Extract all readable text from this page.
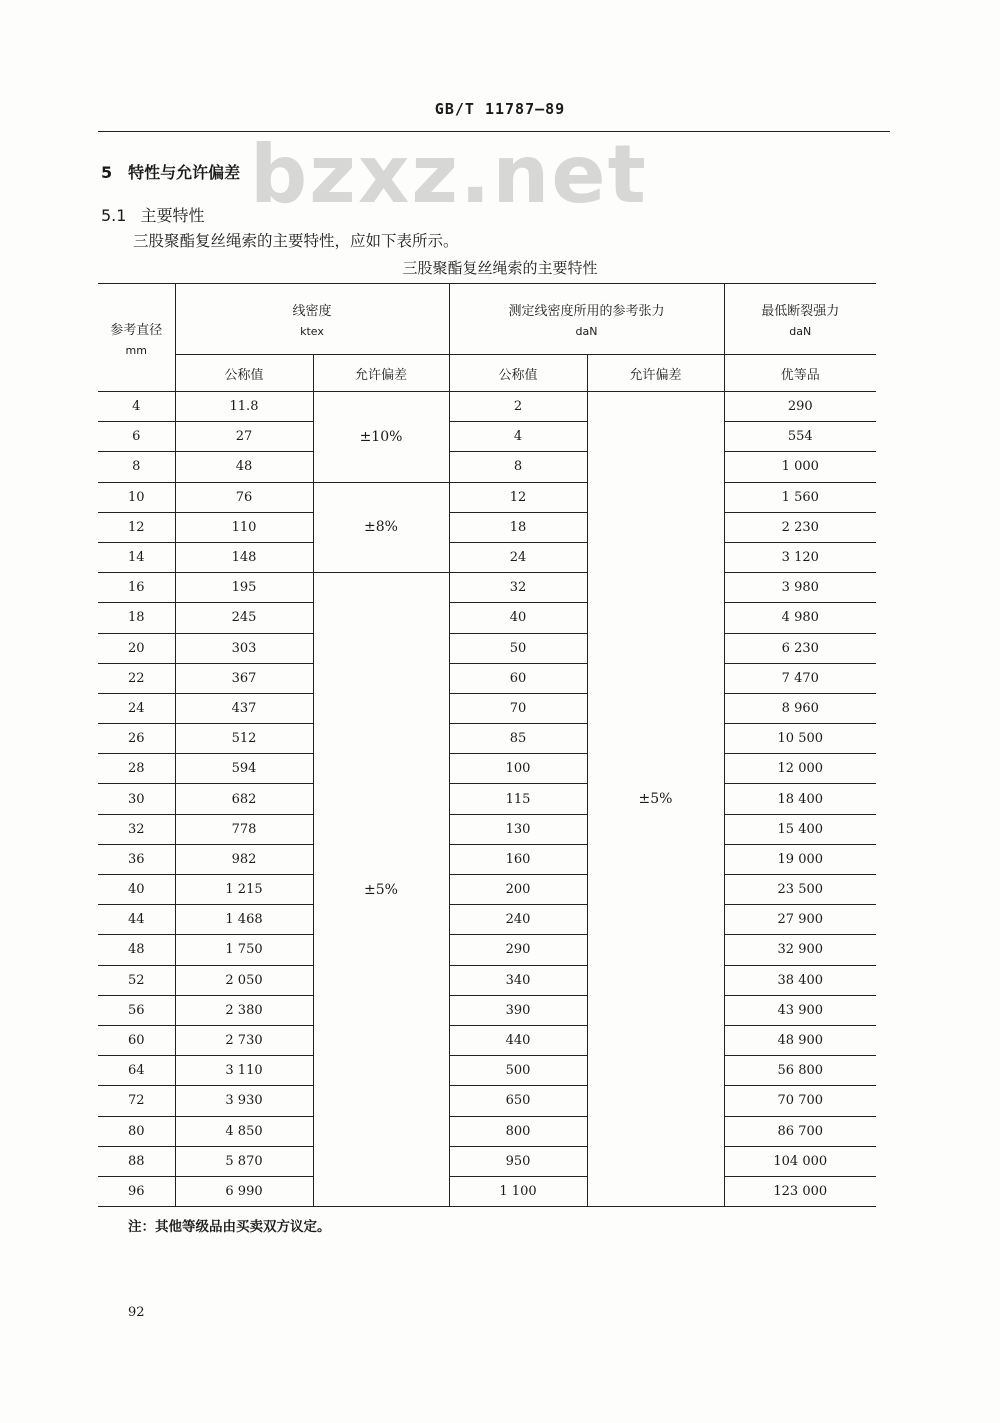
GB/T 11787—89
bzxz.net
5 特性与允许偏差
5.1 主要特性
三股聚酯复丝绳索的主要特性，应如下表所示。
三股聚酯复丝绳索的主要特性
参考直径
mm	线密度
ktex		测定线密度所用的参考张力
daN		最低断裂强力
daN

	公称值	允许偏差	公称值	允许偏差	优等品
4	11.8	±10%	2	±5%	290
6	27		4		554
8	48		8		1 000
10	76	±8%	12		1 560
12	110		18		2 230
14	148		24		3 120
16	195	±5%	32		3 980
18	245		40		4 980
20	303		50		6 230
22	367		60		7 470
24	437		70		8 960
26	512		85		10 500
28	594		100		12 000
30	682		115		18 400
32	778		130		15 400
36	982		160		19 000
40	1 215		200		23 500
44	1 468		240		27 900
48	1 750		290		32 900
52	2 050		340		38 400
56	2 380		390		43 900
60	2 730		440		48 900
64	3 110		500		56 800
72	3 930		650		70 700
80	4 850		800		86 700
88	5 870		950		104 000
96	6 990		1 100		123 000
注：其他等级品由买卖双方议定。
92
